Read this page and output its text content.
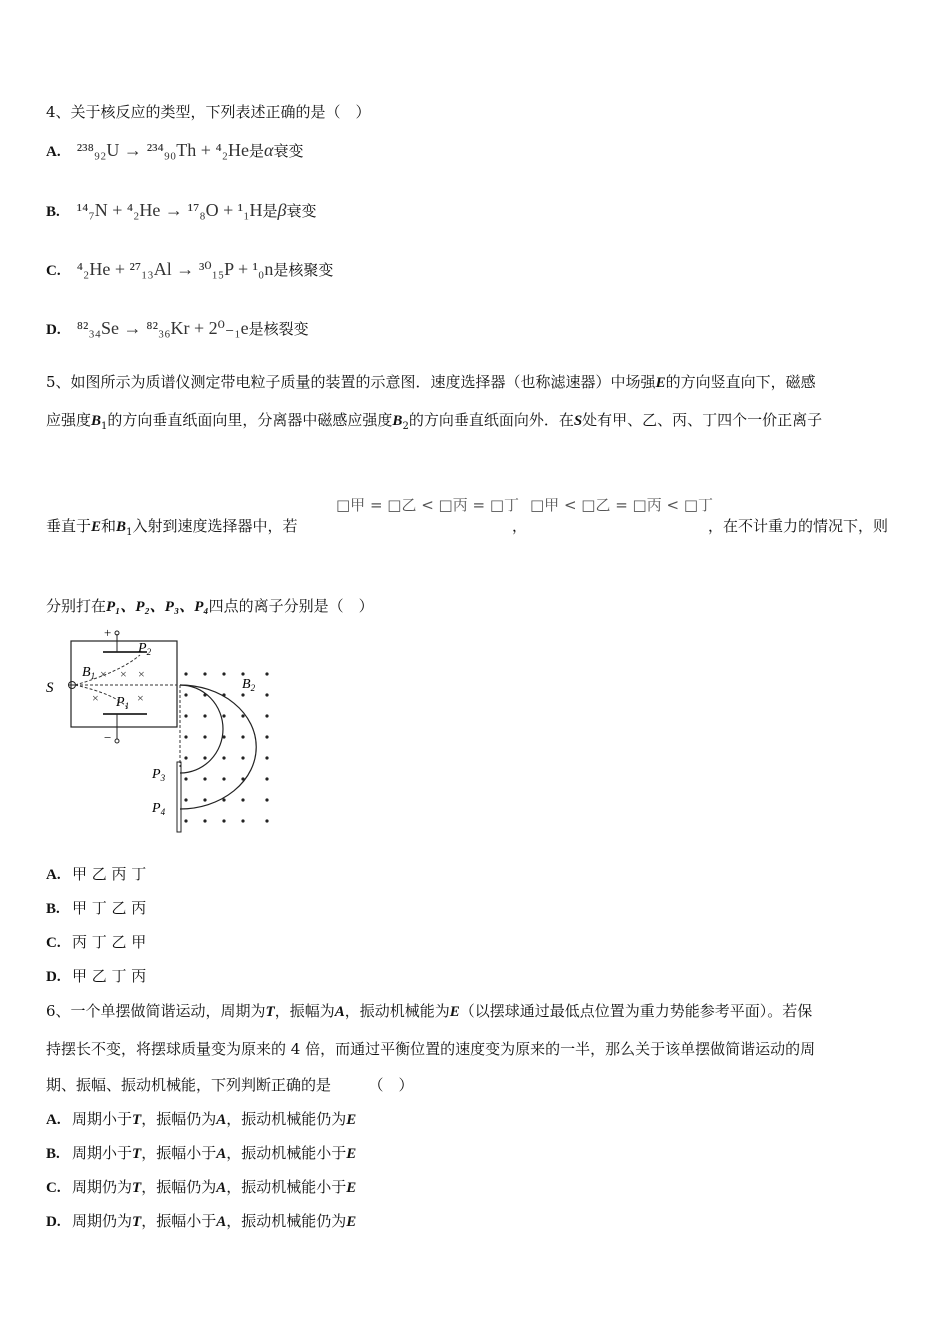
4、关于核反应的类型，下列表述正确的是（　）
A. ²³⁸₉₂U → ²³⁴₉₀Th + ⁴₂He是α衰变
B. ¹⁴₇N + ⁴₂He → ¹⁷₈O + ¹₁H是β衰变
C. ⁴₂He + ²⁷₁₃Al → ³⁰₁₅P + ¹₀n是核聚变
D. ⁸²₃₄Se → ⁸²₃₆Kr + 2⁰₋₁e是核裂变
5、如图所示为质谱仪测定带电粒子质量的装置的示意图．速度选择器（也称滤速器）中场强E的方向竖直向下，磁感
应强度$B_1$的方向垂直纸面向里，分离器中磁感应强度$B_2$的方向垂直纸面向外．在S处有甲、乙、丙、丁四个一价正离子
□甲 = □乙 < □丙 = □丁 □甲 < □乙 = □丙 < □丁
垂直于E和$B_1$入射到速度选择器中，若	，	，在不计重力的情况下，则
分别打在P₁、P₂、P₃、P₄四点的离子分别是（　）
+
−
$P_2$
$B_1$
S
$P_1$
$B_2$
$P_3$
$P_4$
× × ×
×	×
A. 甲 乙 丙 丁
B. 甲 丁 乙 丙
C. 丙 丁 乙 甲
D. 甲 乙 丁 丙
6、一个单摆做简谐运动，周期为T，振幅为A，振动机械能为E（以摆球通过最低点位置为重力势能参考平面）。若保
持摆长不变，将摆球质量变为原来的 4 倍，而通过平衡位置的速度变为原来的一半，那么关于该单摆做简谐运动的周
期、振幅、振动机械能，下列判断正确的是　　　（　）
A. 周期小于T，振幅仍为A，振动机械能仍为E
B. 周期小于T，振幅小于A，振动机械能小于E
C. 周期仍为T，振幅仍为A，振动机械能小于E
D. 周期仍为T，振幅小于A，振动机械能仍为E
